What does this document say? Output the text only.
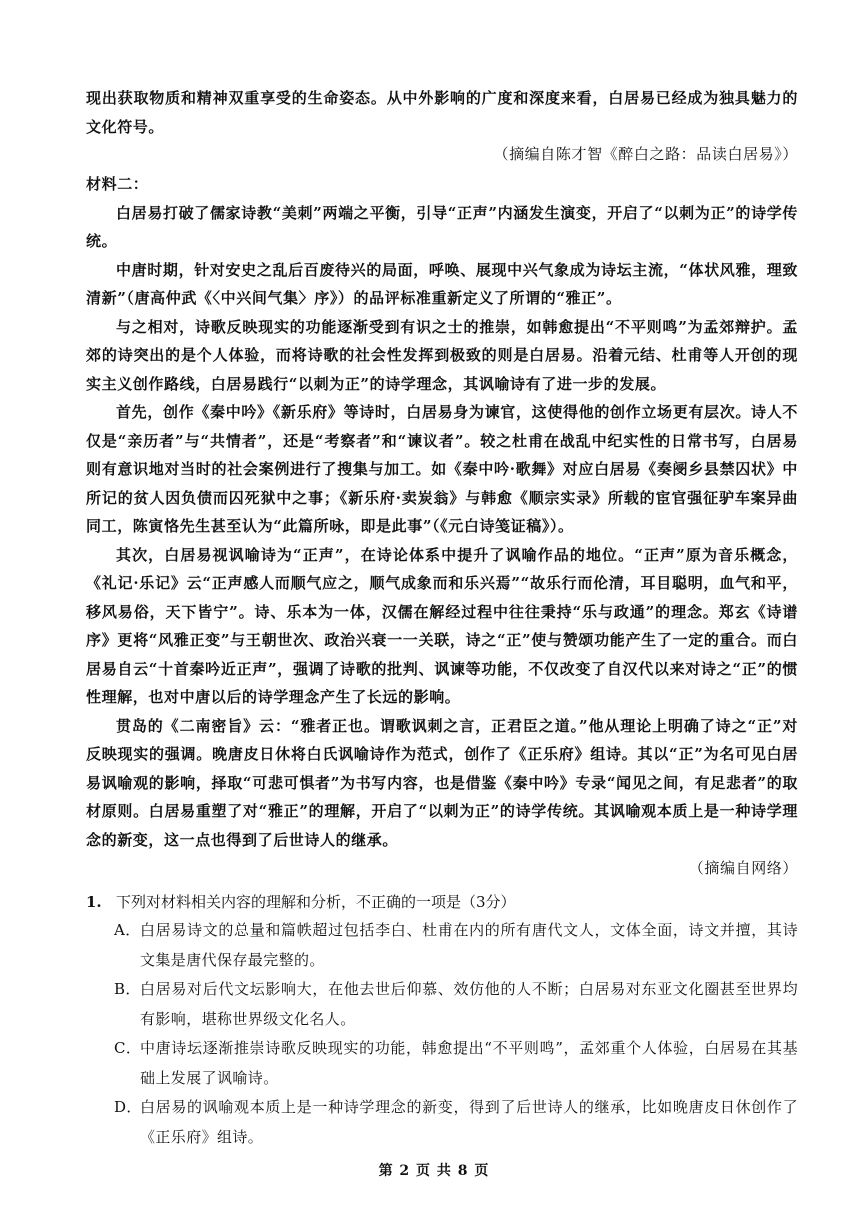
现出获取物质和精神双重享受的生命姿态。从中外影响的广度和深度来看，白居易已经成为独具魅力的文化符号。

（摘编自陈才智《醉白之路：品读白居易》）

材料二：

白居易打破了儒家诗教“美刺”两端之平衡，引导“正声”内涵发生演变，开启了“以刺为正”的诗学传统。

中唐时期，针对安史之乱后百废待兴的局面，呼唤、展现中兴气象成为诗坛主流，“体状风雅，理致清新”（唐高仲武《〈中兴间气集〉序》）的品评标准重新定义了所谓的“雅正”。

与之相对，诗歌反映现实的功能逐渐受到有识之士的推崇，如韩愈提出“不平则鸣”为孟郊辩护。孟郊的诗突出的是个人体验，而将诗歌的社会性发挥到极致的则是白居易。沿着元结、杜甫等人开创的现实主义创作路线，白居易践行“以刺为正”的诗学理念，其讽喻诗有了进一步的发展。

首先，创作《秦中吟》《新乐府》等诗时，白居易身为谏官，这使得他的创作立场更有层次。诗人不仅是“亲历者”与“共情者”，还是“考察者”和“谏议者”。较之杜甫在战乱中纪实性的日常书写，白居易则有意识地对当时的社会案例进行了搜集与加工。如《秦中吟·歌舞》对应白居易《奏阌乡县禁囚状》中所记的贫人因负债而囚死狱中之事；《新乐府·卖炭翁》与韩愈《顺宗实录》所载的宦官强征驴车案异曲同工，陈寅恪先生甚至认为“此篇所咏，即是此事”（《元白诗笺证稿》）。

其次，白居易视讽喻诗为“正声”，在诗论体系中提升了讽喻作品的地位。“正声”原为音乐概念，《礼记·乐记》云“正声感人而顺气应之，顺气成象而和乐兴焉”“故乐行而伦清，耳目聪明，血气和平，移风易俗，天下皆宁”。诗、乐本为一体，汉儒在解经过程中往往秉持“乐与政通”的理念。郑玄《诗谱序》更将“风雅正变”与王朝世次、政治兴衰一一关联，诗之“正”使与赞颂功能产生了一定的重合。而白居易自云“十首秦吟近正声”，强调了诗歌的批判、讽谏等功能，不仅改变了自汉代以来对诗之“正”的惯性理解，也对中唐以后的诗学理念产生了长远的影响。

贯岛的《二南密旨》云：“雅者正也。谓歌讽刺之言，正君臣之道。”他从理论上明确了诗之“正”对反映现实的强调。晚唐皮日休将白氏讽喻诗作为范式，创作了《正乐府》组诗。其以“正”为名可见白居易讽喻观的影响，择取“可悲可惧者”为书写内容，也是借鉴《秦中吟》专录“闻见之间，有足悲者”的取材原则。白居易重塑了对“雅正”的理解，开启了“以刺为正”的诗学传统。其讽喻观本质上是一种诗学理念的新变，这一点也得到了后世诗人的继承。

（摘编自网络）

1. 下列对材料相关内容的理解和分析，不正确的一项是（3分）
A． 白居易诗文的总量和篇帙超过包括李白、杜甫在内的所有唐代文人，文体全面，诗文并擅，其诗文集是唐代保存最完整的。
B． 白居易对后代文坛影响大，在他去世后仰慕、效仿他的人不断；白居易对东亚文化圈甚至世界均有影响，堪称世界级文化名人。
C．
中唐诗坛逐渐推崇诗歌反映现实的功能，韩愈提出“不平则鸣”，孟郊重个人体验，白居易在其基础上发展了讽喻诗。
D．
白居易的讽喻观本质上是一种诗学理念的新变，得到了后世诗人的继承，比如晚唐皮日休创作了《正乐府》组诗。
第 2 页 共 8 页
